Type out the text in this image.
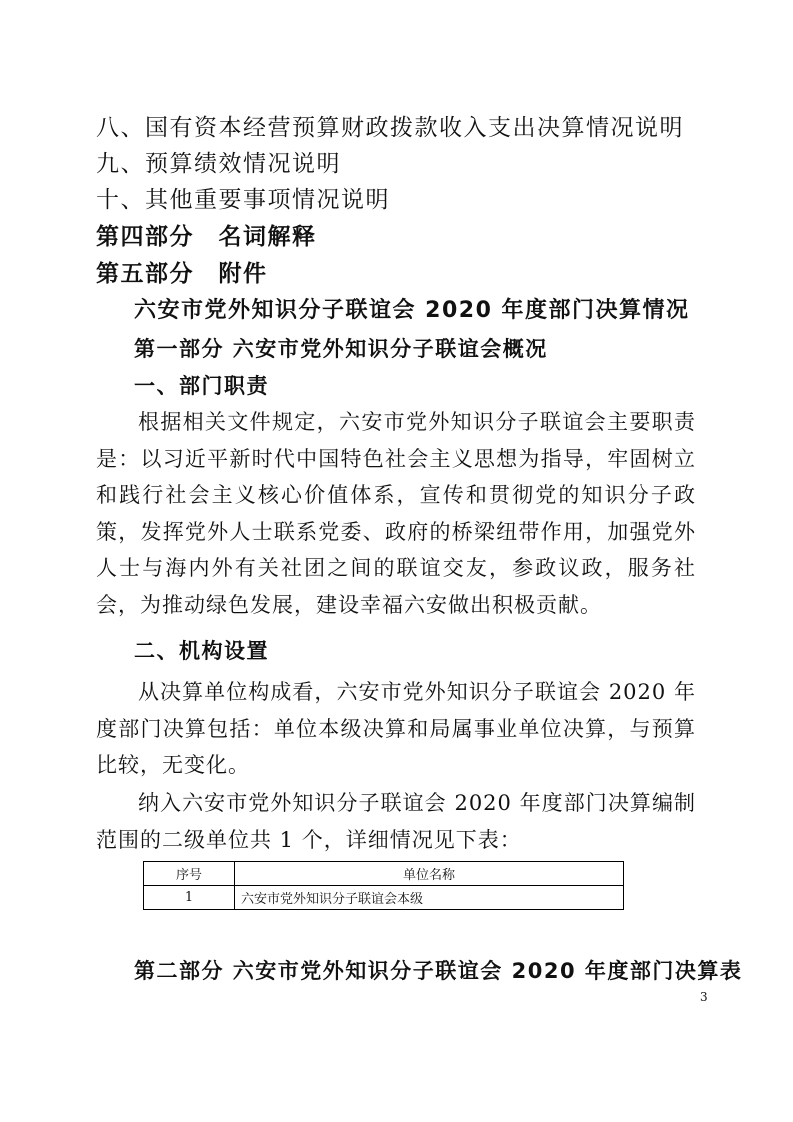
八、国有资本经营预算财政拨款收入支出决算情况说明
九、预算绩效情况说明
十、其他重要事项情况说明
第四部分　名词解释
第五部分　附件
六安市党外知识分子联谊会 2020 年度部门决算情况
第一部分 六安市党外知识分子联谊会概况
一、部门职责
根据相关文件规定，六安市党外知识分子联谊会主要职责是：以习近平新时代中国特色社会主义思想为指导，牢固树立和践行社会主义核心价值体系，宣传和贯彻党的知识分子政策，发挥党外人士联系党委、政府的桥梁纽带作用，加强党外人士与海内外有关社团之间的联谊交友，参政议政，服务社会，为推动绿色发展，建设幸福六安做出积极贡献。
二、机构设置
从决算单位构成看，六安市党外知识分子联谊会 2020 年度部门决算包括：单位本级决算和局属事业单位决算，与预算比较，无变化。
纳入六安市党外知识分子联谊会 2020 年度部门决算编制范围的二级单位共 1 个，详细情况见下表：
序号	单位名称
1	六安市党外知识分子联谊会本级
第二部分 六安市党外知识分子联谊会 2020 年度部门决算表
3
